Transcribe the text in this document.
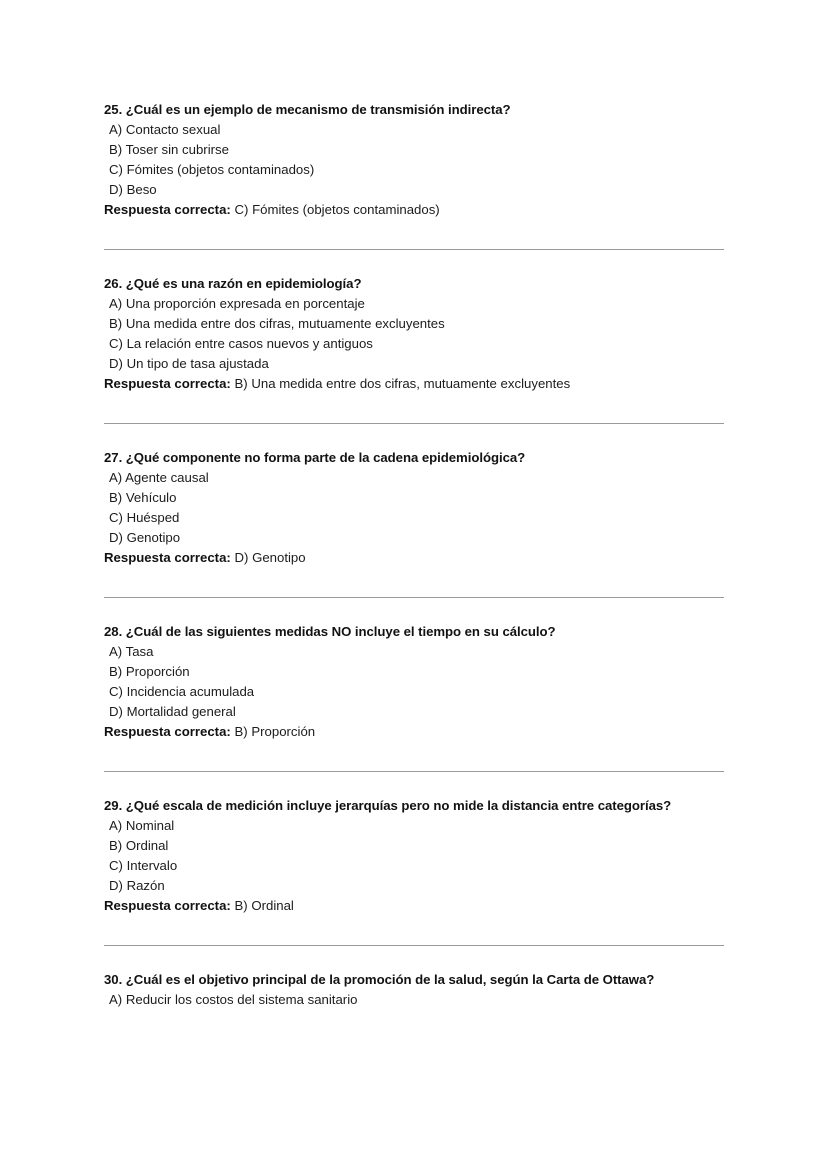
25. ¿Cuál es un ejemplo de mecanismo de transmisión indirecta?

A) Contacto sexual
B) Toser sin cubrirse
C) Fómites (objetos contaminados)
D) Beso

Respuesta correcta: C) Fómites (objetos contaminados)

26. ¿Qué es una razón en epidemiología?

A) Una proporción expresada en porcentaje
B) Una medida entre dos cifras, mutuamente excluyentes
C) La relación entre casos nuevos y antiguos
D) Un tipo de tasa ajustada

Respuesta correcta: B) Una medida entre dos cifras, mutuamente excluyentes

27. ¿Qué componente no forma parte de la cadena epidemiológica?

A) Agente causal
B) Vehículo
C) Huésped
D) Genotipo

Respuesta correcta: D) Genotipo

28. ¿Cuál de las siguientes medidas NO incluye el tiempo en su cálculo?

A) Tasa
B) Proporción
C) Incidencia acumulada
D) Mortalidad general

Respuesta correcta: B) Proporción

29. ¿Qué escala de medición incluye jerarquías pero no mide la distancia entre categorías?

A) Nominal
B) Ordinal
C) Intervalo
D) Razón

Respuesta correcta: B) Ordinal

30. ¿Cuál es el objetivo principal de la promoción de la salud, según la Carta de Ottawa?

A) Reducir los costos del sistema sanitario
